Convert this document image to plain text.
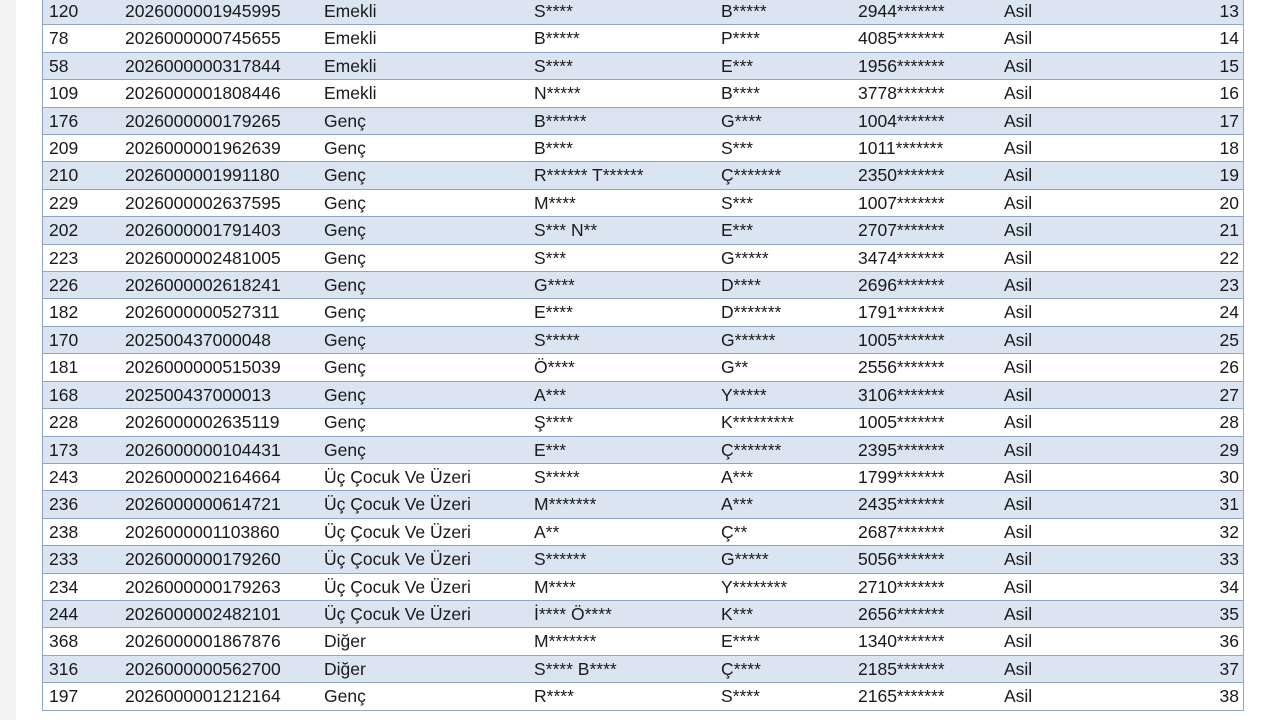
120	2026000001945995	Emekli	S****	B*****	2944*******	Asil	13
78	2026000000745655	Emekli	B*****	P****	4085*******	Asil	14
58	2026000000317844	Emekli	S****	E***	1956*******	Asil	15
109	2026000001808446	Emekli	N*****	B****	3778*******	Asil	16
176	2026000000179265	Genç	B******	G****	1004*******	Asil	17
209	2026000001962639	Genç	B****	S***	1011*******	Asil	18
210	2026000001991180	Genç	R****** T******	Ç*******	2350*******	Asil	19
229	2026000002637595	Genç	M****	S***	1007*******	Asil	20
202	2026000001791403	Genç	S*** N**	E***	2707*******	Asil	21
223	2026000002481005	Genç	S***	G*****	3474*******	Asil	22
226	2026000002618241	Genç	G****	D****	2696*******	Asil	23
182	2026000000527311	Genç	E****	D*******	1791*******	Asil	24
170	202500437000048	Genç	S*****	G******	1005*******	Asil	25
181	2026000000515039	Genç	Ö****	G**	2556*******	Asil	26
168	202500437000013	Genç	A***	Y*****	3106*******	Asil	27
228	2026000002635119	Genç	Ş****	K*********	1005*******	Asil	28
173	2026000000104431	Genç	E***	Ç*******	2395*******	Asil	29
243	2026000002164664	Üç Çocuk Ve Üzeri	S*****	A***	1799*******	Asil	30
236	2026000000614721	Üç Çocuk Ve Üzeri	M*******	A***	2435*******	Asil	31
238	2026000001103860	Üç Çocuk Ve Üzeri	A**	Ç**	2687*******	Asil	32
233	2026000000179260	Üç Çocuk Ve Üzeri	S******	G*****	5056*******	Asil	33
234	2026000000179263	Üç Çocuk Ve Üzeri	M****	Y********	2710*******	Asil	34
244	2026000002482101	Üç Çocuk Ve Üzeri	İ**** Ö****	K***	2656*******	Asil	35
368	2026000001867876	Diğer	M*******	E****	1340*******	Asil	36
316	2026000000562700	Diğer	S**** B****	Ç****	2185*******	Asil	37
197	2026000001212164	Genç	R****	S****	2165*******	Asil	38
